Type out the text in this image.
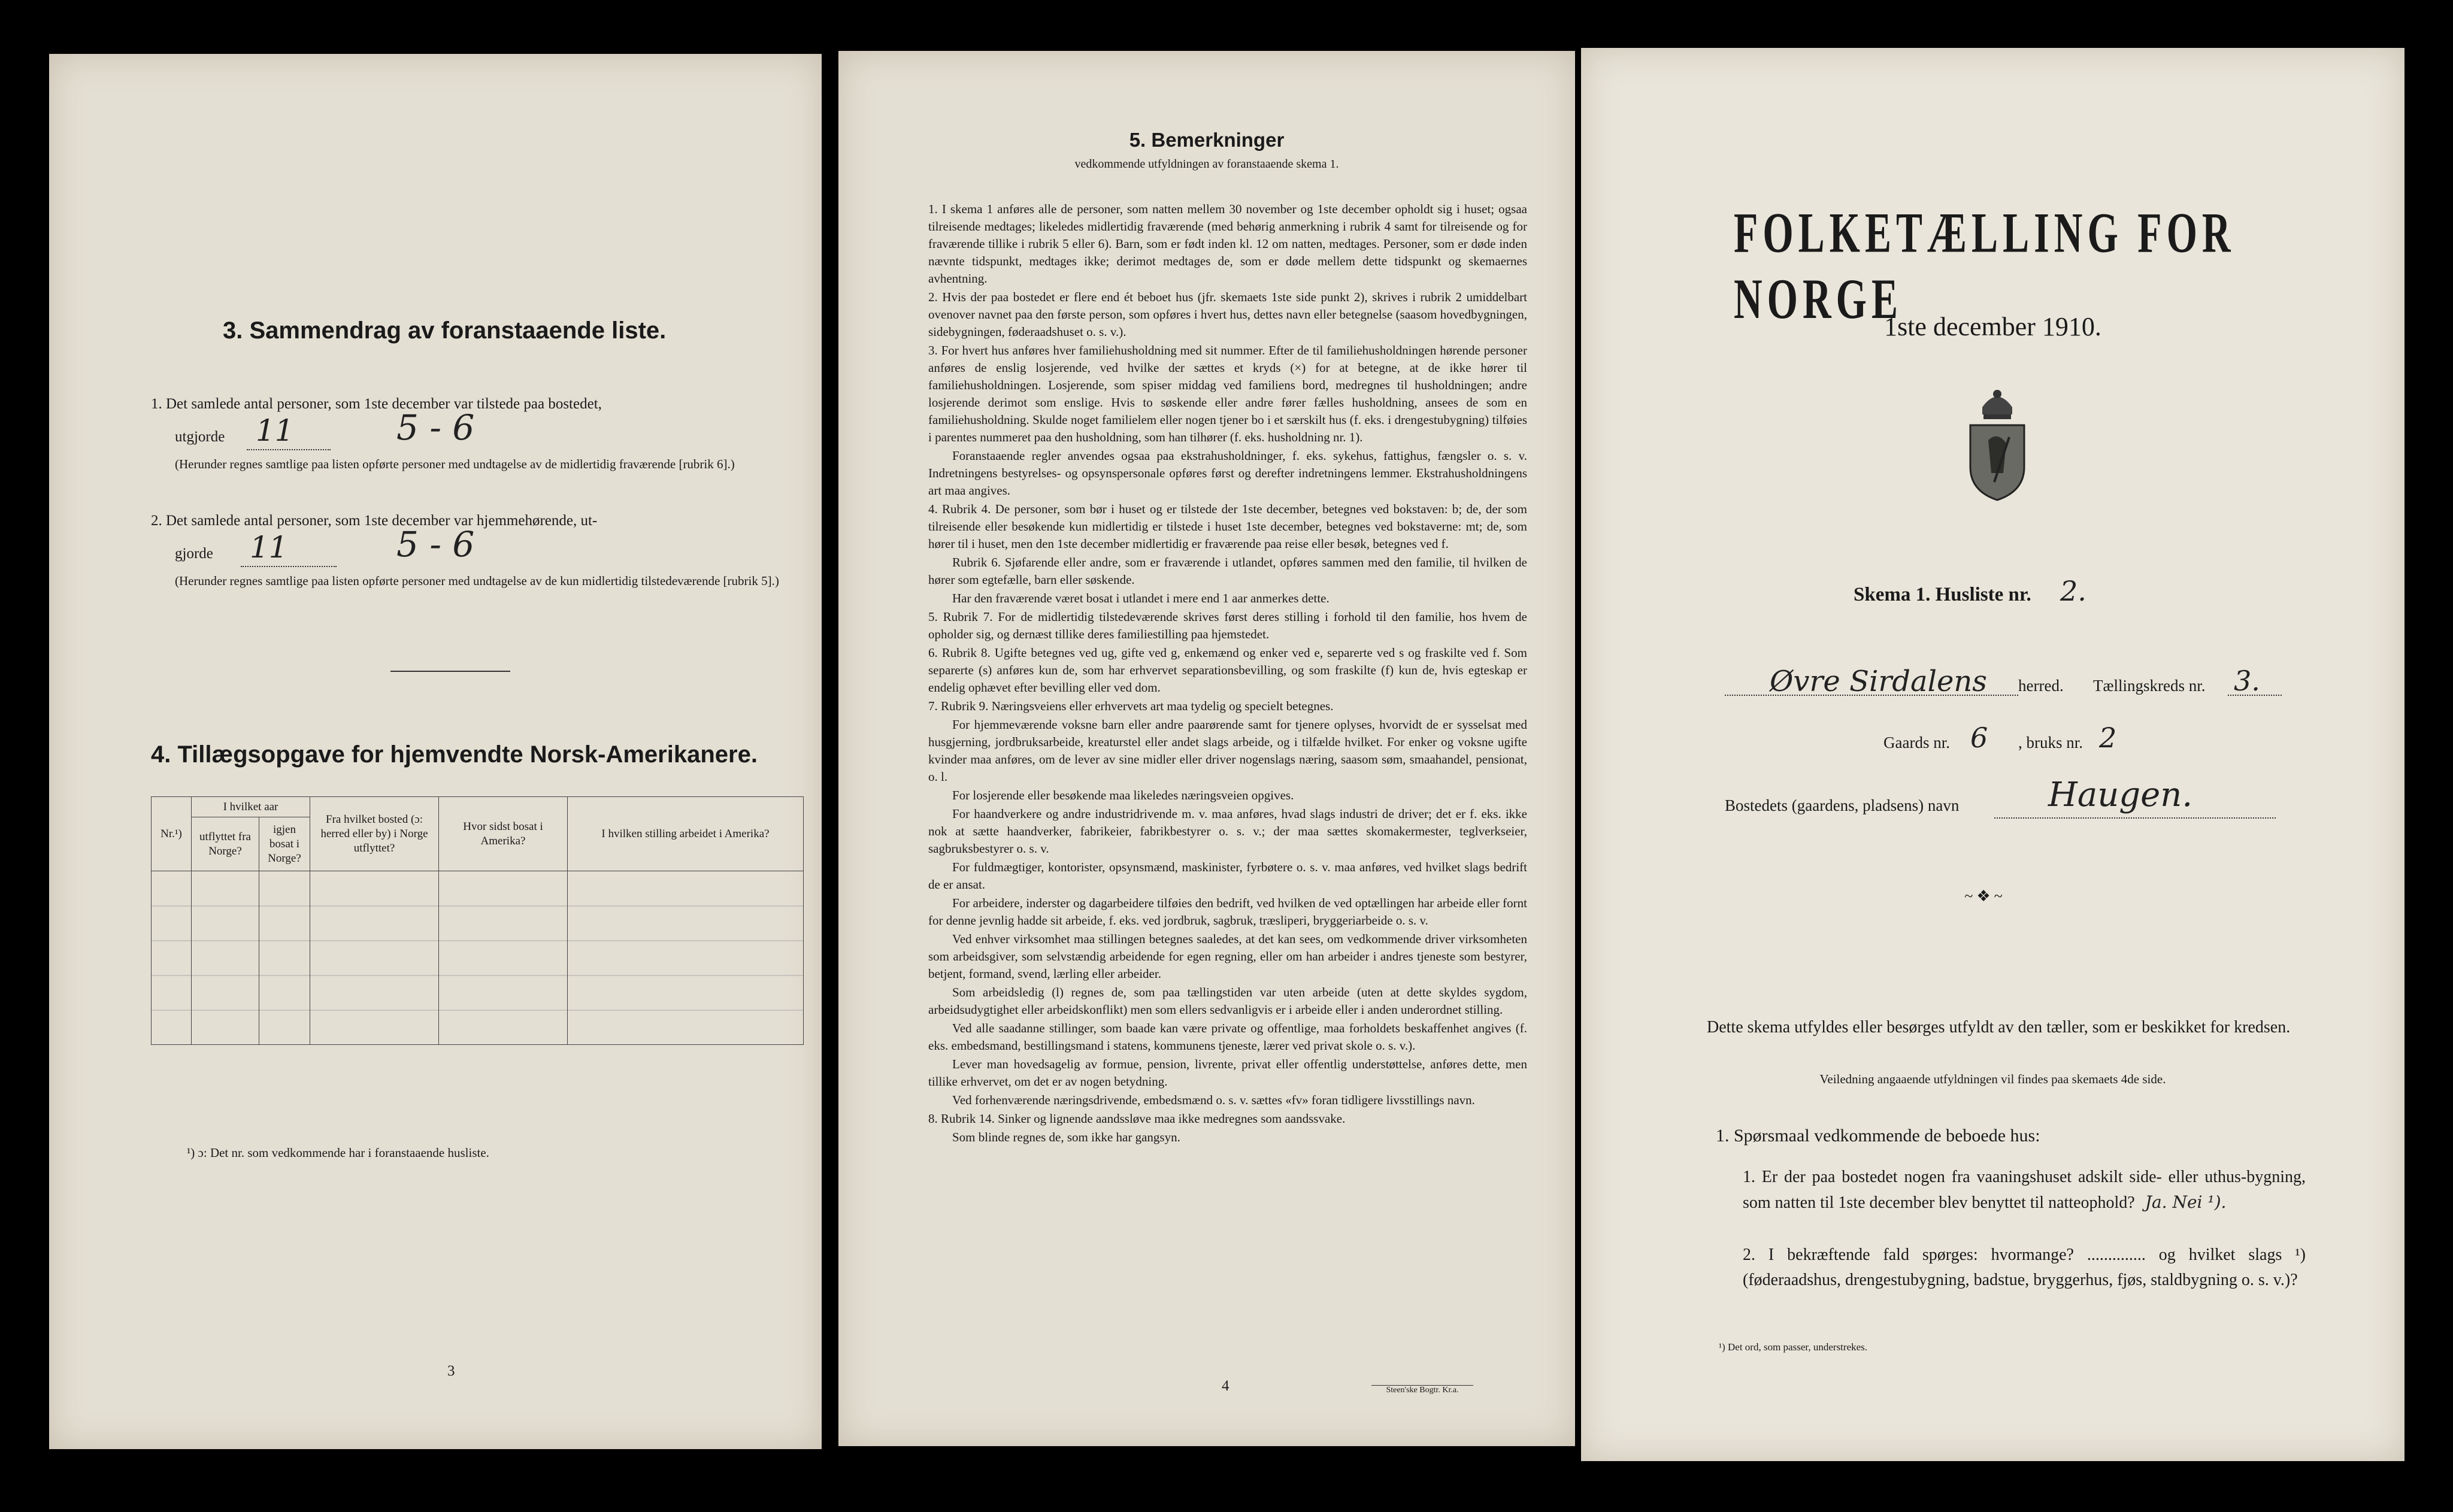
3. Sammendrag av foranstaaende liste.
1. Det samlede antal personer, som 1ste december var tilstede paa bostedet,
utgjorde 11	5 - 6
(Herunder regnes samtlige paa listen opførte personer med undtagelse av de midlertidig fraværende [rubrik 6].)
2. Det samlede antal personer, som 1ste december var hjemmehørende, ut-
gjorde 11	5 - 6
(Herunder regnes samtlige paa listen opførte personer med undtagelse av de kun midlertidig tilstedeværende [rubrik 5].)
4. Tillægsopgave for hjemvendte Norsk-Amerikanere.
Nr.¹)	I hvilket aar		Fra hvilket bosted (ɔ: herred eller by) i Norge utflyttet?	Hvor sidst bosat i Amerika?	I hvilken stilling arbeidet i Amerika?
	utflyttet fra Norge?	igjen bosat i Norge?			

¹) ɔ: Det nr. som vedkommende har i foranstaaende husliste.
3
5. Bemerkninger
vedkommende utfyldningen av foranstaaende skema 1.

1. I skema 1 anføres alle de personer, som natten mellem 30 november og 1ste december opholdt sig i huset; ogsaa tilreisende medtages; likeledes midlertidig fraværende (med behørig anmerkning i rubrik 4 samt for tilreisende og for fraværende tillike i rubrik 5 eller 6). Barn, som er født inden kl. 12 om natten, medtages. Personer, som er døde inden nævnte tidspunkt, medtages ikke; derimot medtages de, som er døde mellem dette tidspunkt og skemaernes avhentning.

2. Hvis der paa bostedet er flere end ét beboet hus (jfr. skemaets 1ste side punkt 2), skrives i rubrik 2 umiddelbart ovenover navnet paa den første person, som opføres i hvert hus, dettes navn eller betegnelse (saasom hovedbygningen, sidebygningen, føderaadshuset o. s. v.).

3. For hvert hus anføres hver familiehusholdning med sit nummer. Efter de til familiehusholdningen hørende personer anføres de enslig losjerende, ved hvilke der sættes et kryds (×) for at betegne, at de ikke hører til familiehusholdningen. Losjerende, som spiser middag ved familiens bord, medregnes til husholdningen; andre losjerende derimot som enslige. Hvis to søskende eller andre fører fælles husholdning, ansees de som en familiehusholdning. Skulde noget familielem eller nogen tjener bo i et særskilt hus (f. eks. i drengestubygning) tilføies i parentes nummeret paa den husholdning, som han tilhører (f. eks. husholdning nr. 1).

Foranstaaende regler anvendes ogsaa paa ekstrahusholdninger, f. eks. sykehus, fattighus, fængsler o. s. v. Indretningens bestyrelses- og opsynspersonale opføres først og derefter indretningens lemmer. Ekstrahusholdningens art maa angives.

4. Rubrik 4. De personer, som bør i huset og er tilstede der 1ste december, betegnes ved bokstaven: b; de, der som tilreisende eller besøkende kun midlertidig er tilstede i huset 1ste december, betegnes ved bokstaverne: mt; de, som hører til i huset, men den 1ste december midlertidig er fraværende paa reise eller besøk, betegnes ved f.

Rubrik 6. Sjøfarende eller andre, som er fraværende i utlandet, opføres sammen med den familie, til hvilken de hører som egtefælle, barn eller søskende.

Har den fraværende været bosat i utlandet i mere end 1 aar anmerkes dette.

5. Rubrik 7. For de midlertidig tilstedeværende skrives først deres stilling i forhold til den familie, hos hvem de opholder sig, og dernæst tillike deres familiestilling paa hjemstedet.

6. Rubrik 8. Ugifte betegnes ved ug, gifte ved g, enkemænd og enker ved e, separerte ved s og fraskilte ved f. Som separerte (s) anføres kun de, som har erhvervet separationsbevilling, og som fraskilte (f) kun de, hvis egteskap er endelig ophævet efter bevilling eller ved dom.

7. Rubrik 9. Næringsveiens eller erhvervets art maa tydelig og specielt betegnes.

For hjemmeværende voksne barn eller andre paarørende samt for tjenere oplyses, hvorvidt de er sysselsat med husgjerning, jordbruksarbeide, kreaturstel eller andet slags arbeide, og i tilfælde hvilket. For enker og voksne ugifte kvinder maa anføres, om de lever av sine midler eller driver nogenslags næring, saasom søm, smaahandel, pensionat, o. l.

For losjerende eller besøkende maa likeledes næringsveien opgives.

For haandverkere og andre industridrivende m. v. maa anføres, hvad slags industri de driver; det er f. eks. ikke nok at sætte haandverker, fabrikeier, fabrikbestyrer o. s. v.; der maa sættes skomakermester, teglverkseier, sagbruksbestyrer o. s. v.

For fuldmægtiger, kontorister, opsynsmænd, maskinister, fyrbøtere o. s. v. maa anføres, ved hvilket slags bedrift de er ansat.

For arbeidere, inderster og dagarbeidere tilføies den bedrift, ved hvilken de ved optællingen har arbeide eller fornt for denne jevnlig hadde sit arbeide, f. eks. ved jordbruk, sagbruk, træsliperi, bryggeriarbeide o. s. v.

Ved enhver virksomhet maa stillingen betegnes saaledes, at det kan sees, om vedkommende driver virksomheten som arbeidsgiver, som selvstændig arbeidende for egen regning, eller om han arbeider i andres tjeneste som bestyrer, betjent, formand, svend, lærling eller arbeider.

Som arbeidsledig (l) regnes de, som paa tællingstiden var uten arbeide (uten at dette skyldes sygdom, arbeidsudygtighet eller arbeidskonflikt) men som ellers sedvanligvis er i arbeide eller i anden underordnet stilling.

Ved alle saadanne stillinger, som baade kan være private og offentlige, maa forholdets beskaffenhet angives (f. eks. embedsmand, bestillingsmand i statens, kommunens tjeneste, lærer ved privat skole o. s. v.).

Lever man hovedsagelig av formue, pension, livrente, privat eller offentlig understøttelse, anføres dette, men tillike erhvervet, om det er av nogen betydning.

Ved forhenværende næringsdrivende, embedsmænd o. s. v. sættes «fv» foran tidligere livsstillings navn.

8. Rubrik 14. Sinker og lignende aandssløve maa ikke medregnes som aandssvake.

Som blinde regnes de, som ikke har gangsyn.

4	Steen'ske Bogtr. Kr.a.
FOLKETÆLLING FOR NORGE
1ste december 1910.
Skema 1. Husliste nr. 2.
Øvre Sirdalens herred. Tællingskreds nr. 3.
Gaards nr. 6 , bruks nr. 2
Bostedets (gaardens, pladsens) navn	Haugen.
~❖~
Dette skema utfyldes eller besørges utfyldt av den tæller, som er beskikket for kredsen.
Veiledning angaaende utfyldningen vil findes paa skemaets 4de side.
1. Spørsmaal vedkommende de beboede hus:
1. Er der paa bostedet nogen fra vaaningshuset adskilt side- eller uthus-bygning, som natten til 1ste december blev benyttet til natteophold? Ja. Nei ¹).
2. I bekræftende fald spørges: hvormange? .............. og hvilket slags ¹) (føderaadshus, drengestubygning, badstue, bryggerhus, fjøs, staldbygning o. s. v.)?
¹) Det ord, som passer, understrekes.
